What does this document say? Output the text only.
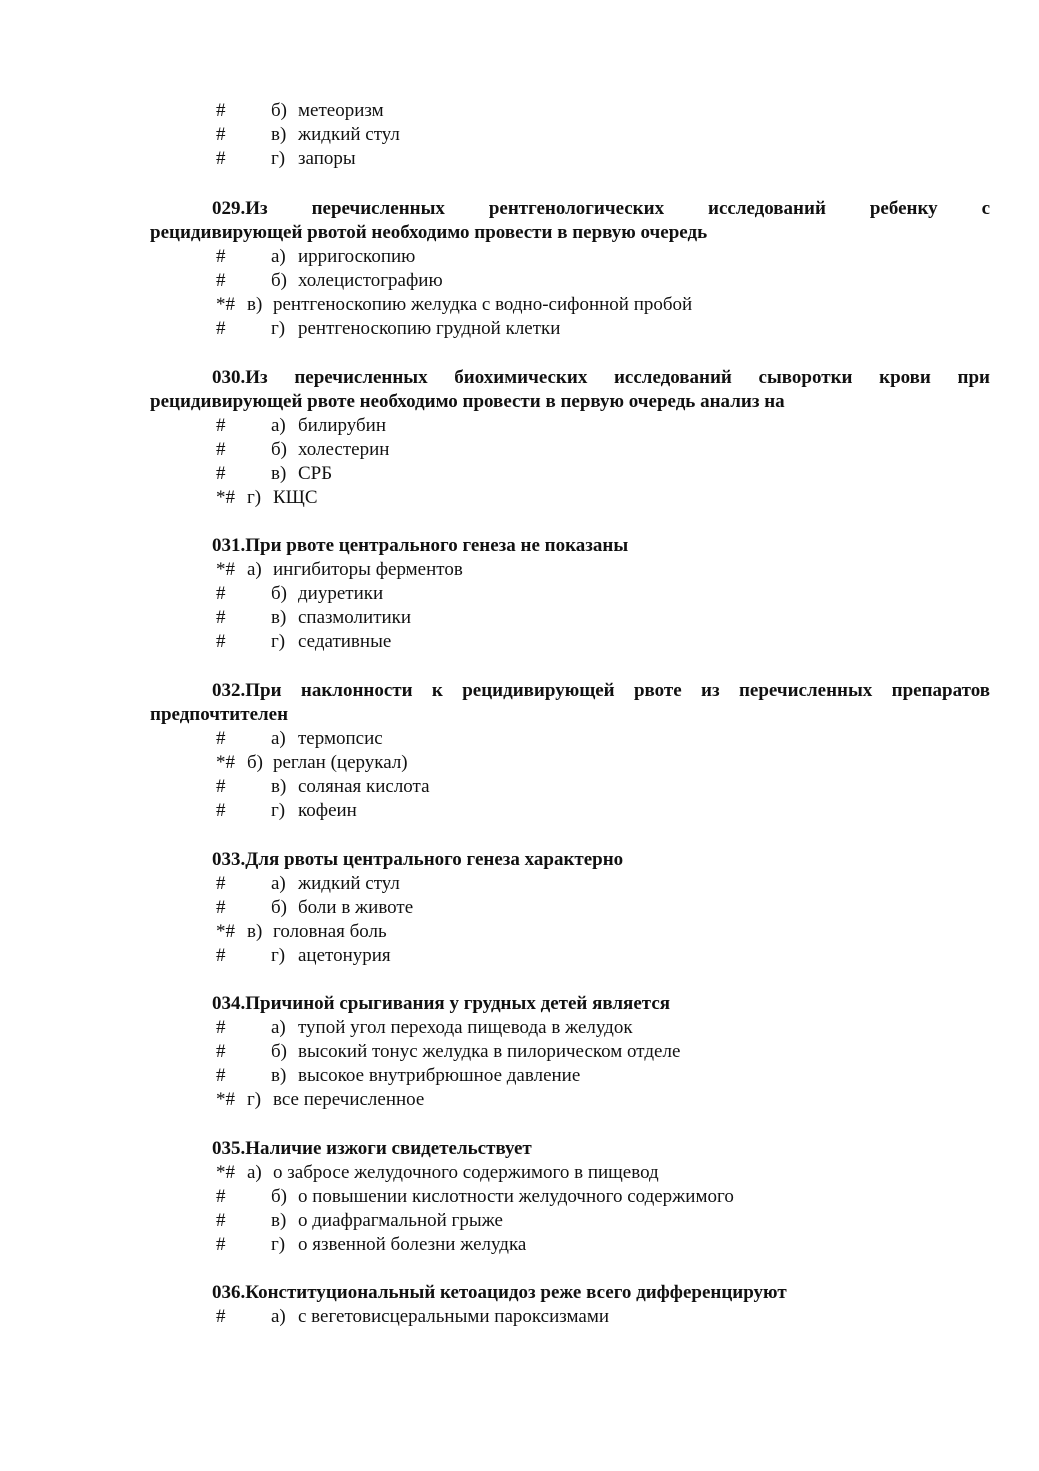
# б) метеоризм
# в) жидкий стул
# г) запоры
029.Из перечисленных рентгенологических исследований ребенку с
рецидивирующей рвотой необходимо провести в первую очередь
# а) ирригоскопию
# б) холецистографию
*# в) рентгеноскопию желудка с водно-сифонной пробой
# г) рентгеноскопию грудной клетки
030.Из перечисленных биохимических исследований сыворотки крови при
рецидивирующей рвоте необходимо провести в первую очередь анализ на
# а) билирубин
# б) холестерин
# в) СРБ
*# г) КЩС
031.При рвоте центрального генеза не показаны
*# а) ингибиторы ферментов
# б) диуретики
# в) спазмолитики
# г) седативные
032.При наклонности к рецидивирующей рвоте из перечисленных препаратов
предпочтителен
# а) термопсис
*# б) реглан (церукал)
# в) соляная кислота
# г) кофеин
033.Для рвоты центрального генеза характерно
# а) жидкий стул
# б) боли в животе
*# в) головная боль
# г) ацетонурия
034.Причиной срыгивания у грудных детей является
# а) тупой угол перехода пищевода в желудок
# б) высокий тонус желудка в пилорическом отделе
# в) высокое внутрибрюшное давление
*# г) все перечисленное
035.Наличие изжоги свидетельствует
*# а) о забросе желудочного содержимого в пищевод
# б) о повышении кислотности желудочного содержимого
# в) о диафрагмальной грыже
# г) о язвенной болезни желудка
036.Конституциональный кетоацидоз реже всего дифференцируют
# а) с вегетовисцеральными пароксизмами
